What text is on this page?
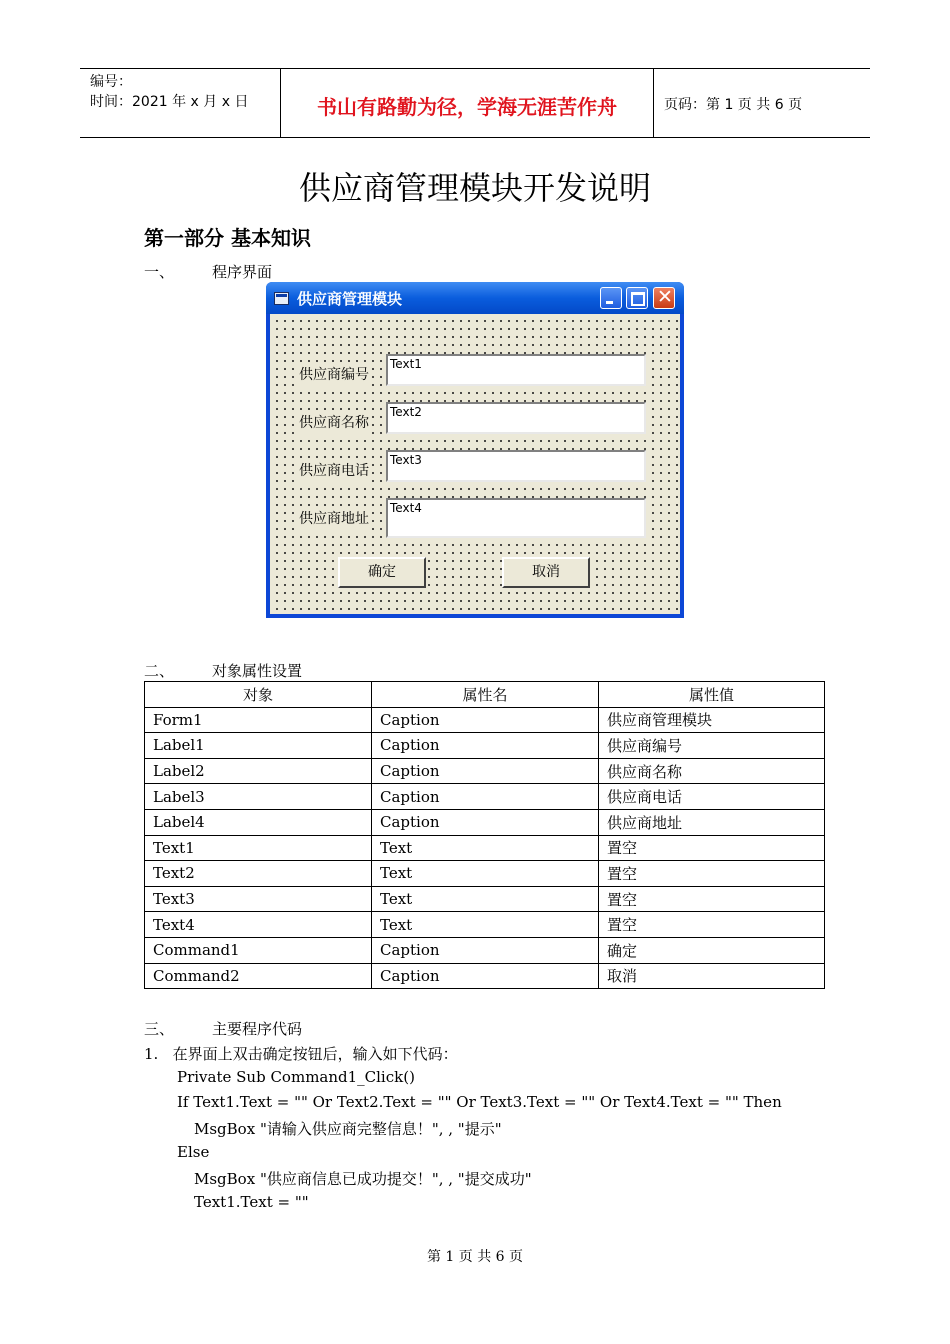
编号：
时间：2021 年 x 月 x 日	书山有路勤为径，学海无涯苦作舟	页码：第 1 页 共 6 页
供应商管理模块开发说明
第一部分 基本知识
一、	程序界面
供应商管理模块	✕
供应商编号
Text1
供应商名称
Text2
供应商电话
Text3
供应商地址
Text4
确定	取消
二、	对象属性设置
对象	属性名	属性值
Form1	Caption	供应商管理模块
Label1	Caption	供应商编号
Label2	Caption	供应商名称
Label3	Caption	供应商电话
Label4	Caption	供应商地址
Text1	Text	置空
Text2	Text	置空
Text3	Text	置空
Text4	Text	置空
Command1	Caption	确定
Command2	Caption	取消
三、	主要程序代码
1.   在界面上双击确定按钮后，输入如下代码：
Private Sub Command1_Click()
If Text1.Text = "" Or Text2.Text = "" Or Text3.Text = "" Or Text4.Text = "" Then
MsgBox "请输入供应商完整信息！", , "提示"
Else
MsgBox "供应商信息已成功提交！", , "提交成功"
Text1.Text = ""
第 1 页 共 6 页
